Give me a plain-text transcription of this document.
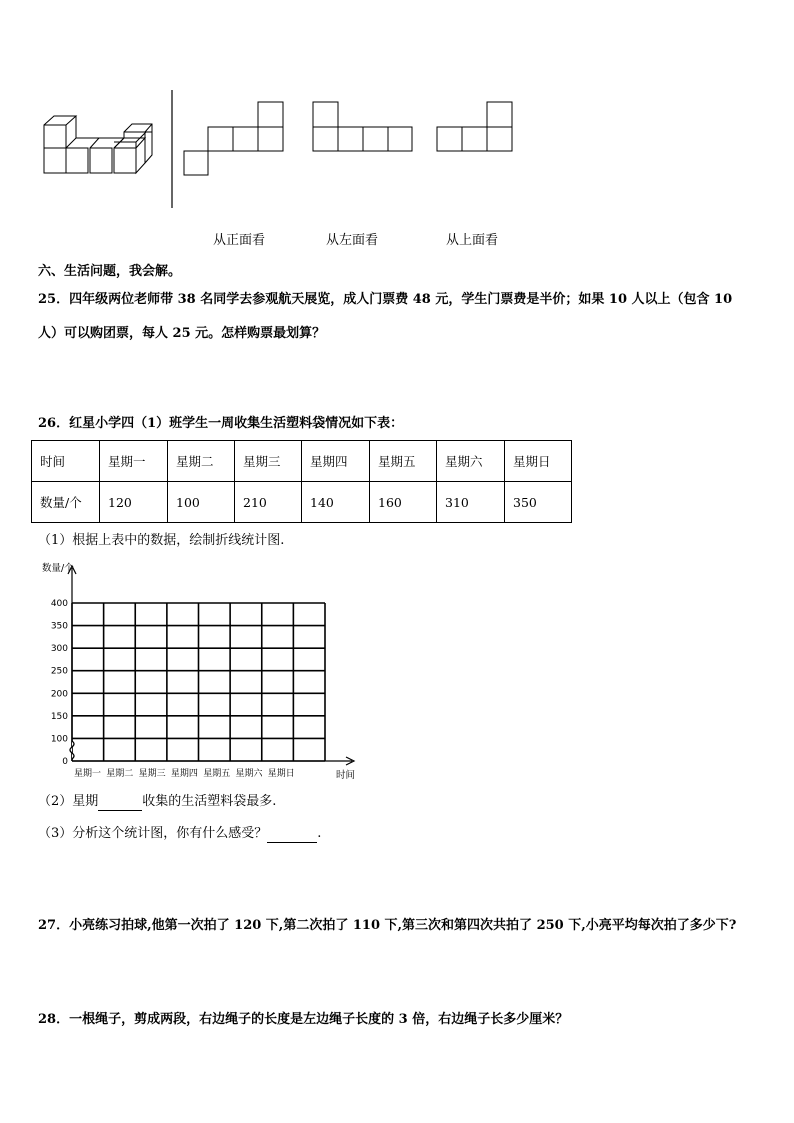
从正面看	从左面看	从上面看
六、生活问题，我会解。
25．四年级两位老师带 38 名同学去参观航天展览，成人门票费 48 元，学生门票费是半价；如果 10 人以上（包含 10
人）可以购团票，每人 25 元。怎样购票最划算？
26．红星小学四（1）班学生一周收集生活塑料袋情况如下表：
时间	星期一	星期二	星期三	星期四	星期五	星期六	星期日
数量/个	120	100	210	140	160	310	350
（1）根据上表中的数据，绘制折线统计图.
0
100
150
200
250
300
350
400
数量/个
星期一 星期二 星期三 星期四 星期五 星期六 星期日	时间
（2）星期	收集的生活塑料袋最多.
（3）分析这个统计图，你有什么感受？	.
27．小亮练习拍球,他第一次拍了 120 下,第二次拍了 110 下,第三次和第四次共拍了 250 下,小亮平均每次拍了多少下?
28．一根绳子，剪成两段，右边绳子的长度是左边绳子长度的 3 倍，右边绳子长多少厘米？
